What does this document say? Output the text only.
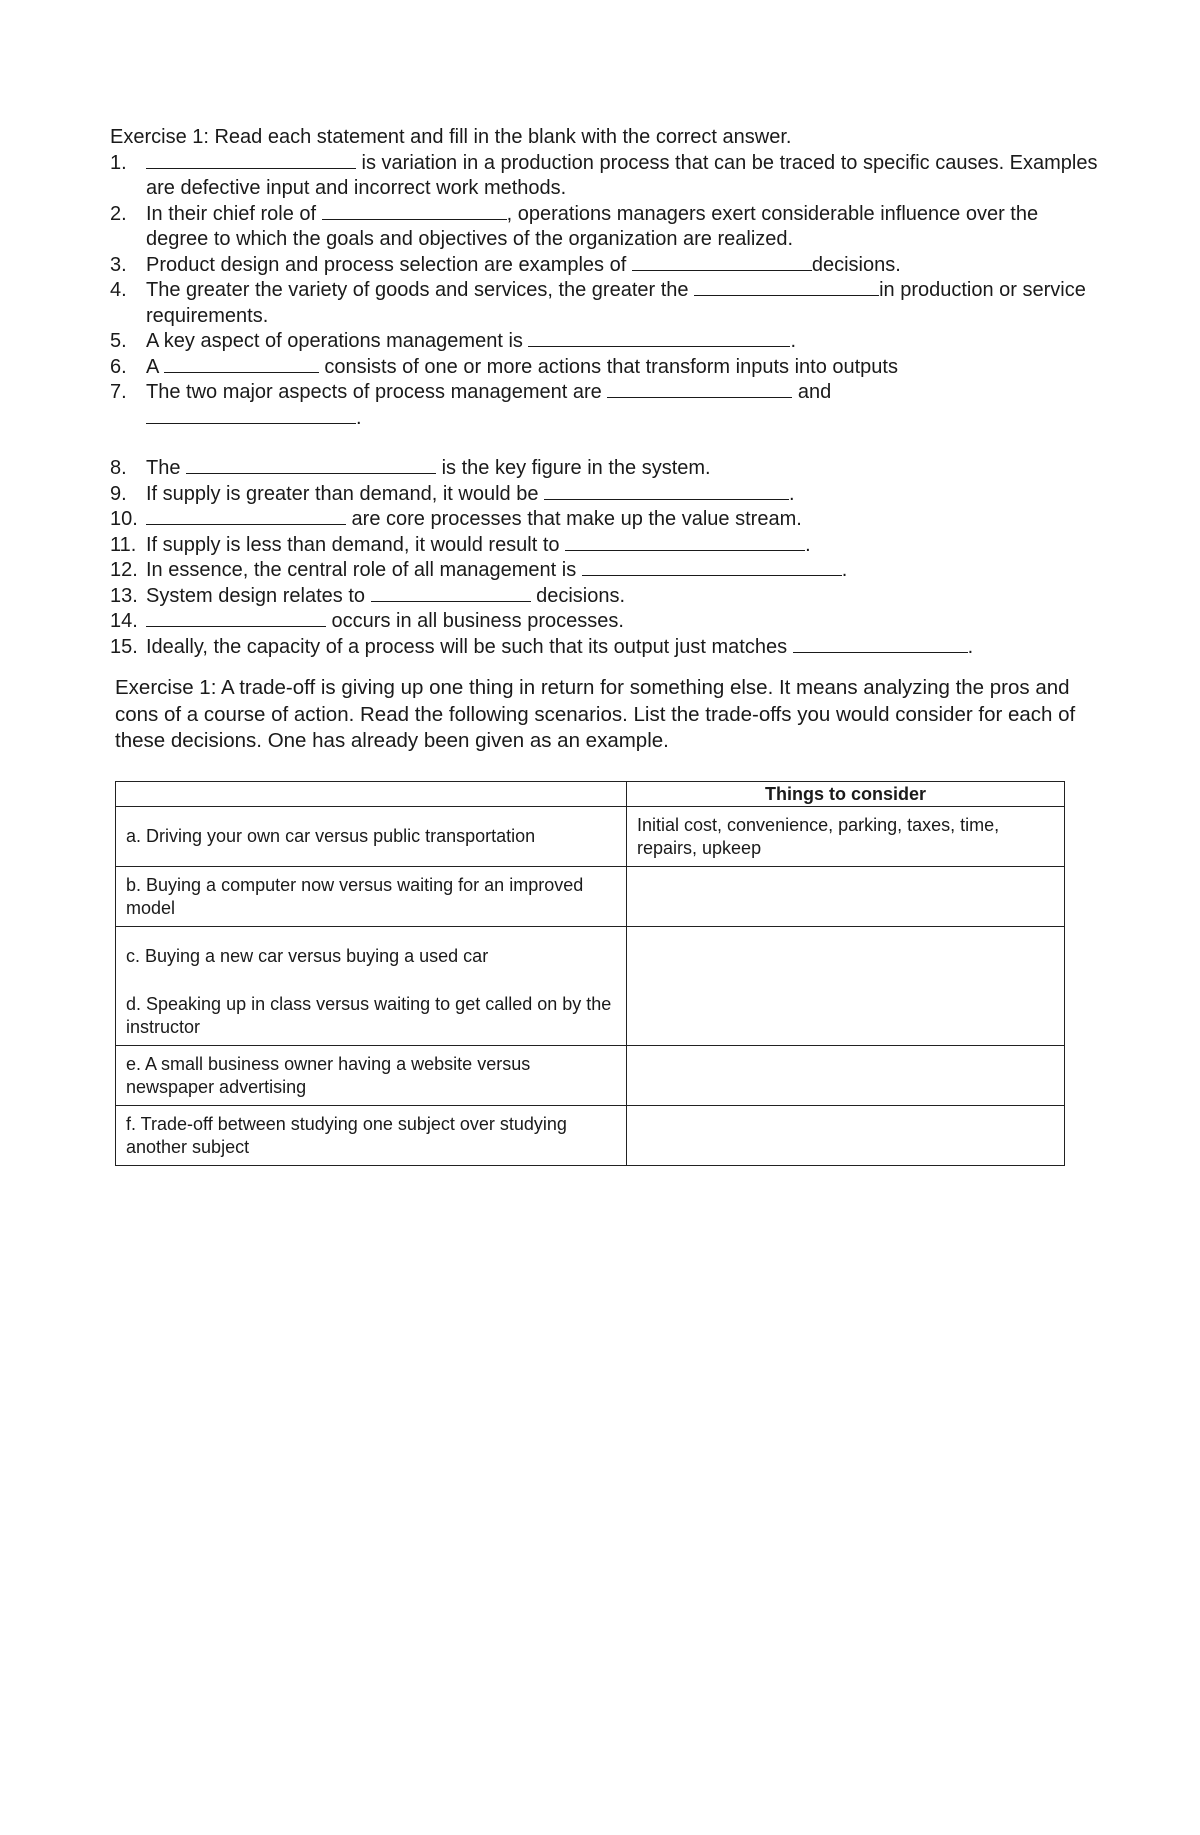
Exercise 1: Read each statement and fill in the blank with the correct answer.
1.	is variation in a production process that can be traced to specific causes. Examples are defective input and incorrect work methods.
2. In their chief role of	, operations managers exert considerable influence over the degree to which the goals and objectives of the organization are realized.
3. Product design and process selection are examples of	decisions.
4. The greater the variety of goods and services, the greater the	in production or service requirements.
5. A key aspect of operations management is	.
6. A	consists of one or more actions that transform inputs into outputs
7. The two major aspects of process management are	and
.
8. The	is the key figure in the system.
9. If supply is greater than demand, it would be	.
10.	are core processes that make up the value stream.
11. If supply is less than demand, it would result to	.
12. In essence, the central role of all management is	.
13. System design relates to	decisions.
14.	occurs in all business processes.
15. Ideally, the capacity of a process will be such that its output just matches	.
Exercise 1: A trade-off is giving up one thing in return for something else. It means analyzing the pros and cons of a course of action. Read the following scenarios. List the trade-offs you would consider for each of these decisions. One has already been given as an example.
	Things to consider
a. Driving your own car versus public transportation	Initial cost, convenience, parking, taxes, time, repairs, upkeep
b. Buying a computer now versus waiting for an improved model	
c. Buying a new car versus buying a used car	
d. Speaking up in class versus waiting to get called on by the instructor	
e. A small business owner having a website versus newspaper advertising	
f. Trade-off between studying one subject over studying another subject	
